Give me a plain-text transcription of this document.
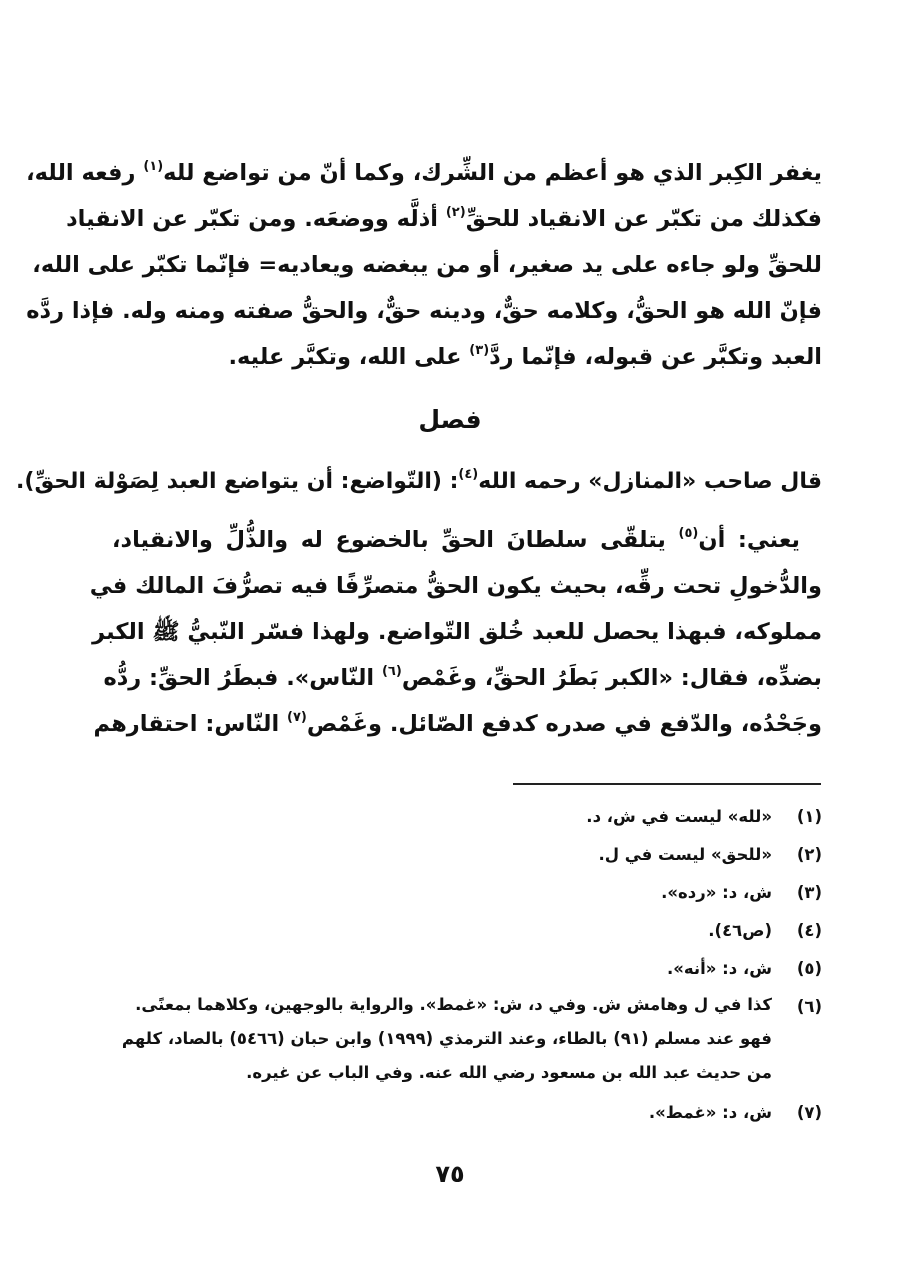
يغفر الكِبر الذي هو أعظم من الشِّرك، وكما أنّ من تواضع لله$^{(١)}$ رفعه الله،
فكذلك من تكبّر عن الانقياد للحقِّ$^{(٢)}$ أذلَّه ووضعَه. ومن تكبّر عن الانقياد
للحقِّ ولو جاءه على يد صغير، أو من يبغضه ويعاديه= فإنّما تكبّر على الله،
فإنّ الله هو الحقُّ، وكلامه حقٌّ، ودينه حقٌّ، والحقُّ صفته ومنه وله. فإذا ردَّه
العبد وتكبَّر عن قبوله، فإنّما ردَّ$^{(٣)}$ على الله، وتكبَّر عليه.
فصل
قال صاحب «المنازل» رحمه الله$^{(٤)}$: (التّواضع: أن يتواضع العبد لِصَوْلة الحقِّ).
يعني: أن$^{(٥)}$ يتلقّى سلطانَ الحقِّ بالخضوع له والذُّلِّ والانقياد،
والدُّخولِ تحت رقِّه، بحيث يكون الحقُّ متصرِّفًا فيه تصرُّفَ المالك في
مملوكه، فبهذا يحصل للعبد خُلق التّواضع. ولهذا فسّر النّبيُّ ﷺ الكبر
بضدِّه، فقال: «الكبر بَطَرُ الحقِّ، وغَمْص$^{(٦)}$ النّاس». فبطَرُ الحقِّ: ردُّه
وجَحْدُه، والدّفع في صدره كدفع الصّائل. وغَمْص$^{(٧)}$ النّاس: احتقارهم
(١)
«لله» ليست في ش، د.
(٢)
«للحق» ليست في ل.
(٣)
ش، د: «رده».
(٤)
(ص٤٦).
(٥)
ش، د: «أنه».
(٦)
كذا في ل وهامش ش. وفي د، ش: «غمط». والرواية بالوجهين، وكلاهما بمعنًى. فهو عند مسلم (٩١) بالطاء، وعند الترمذي (١٩٩٩) وابن حبان (٥٤٦٦) بالصاد، كلهم من حديث عبد الله بن مسعود رضي الله عنه. وفي الباب عن غيره.
(٧)
ش، د: «غمط».
٧٥
